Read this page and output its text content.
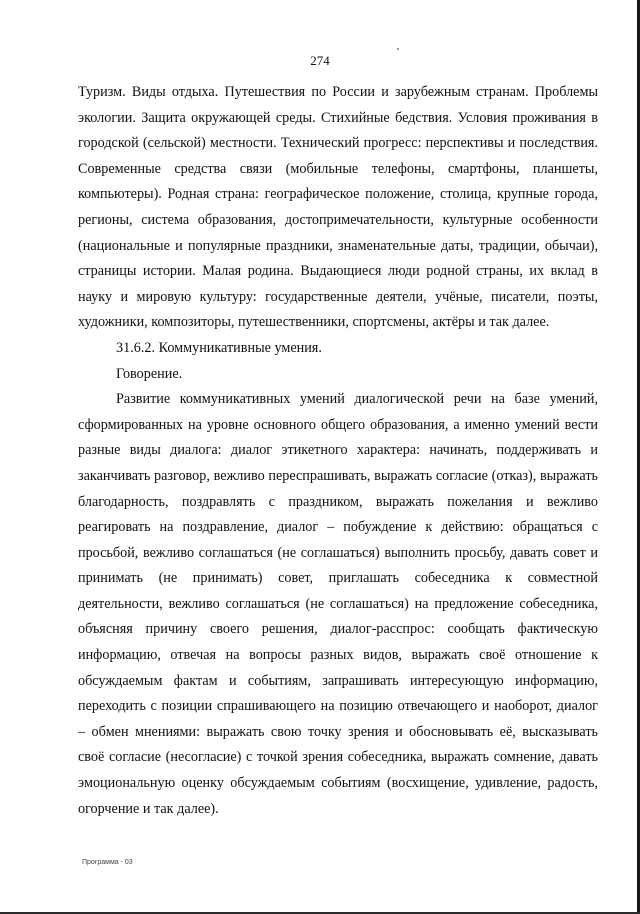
274

Туризм. Виды отдыха. Путешествия по России и зарубежным странам. Проблемы экологии. Защита окружающей среды. Стихийные бедствия. Условия проживания в городской (сельской) местности. Технический прогресс: перспективы и последствия. Современные средства связи (мобильные телефоны, смартфоны, планшеты, компьютеры). Родная страна: географическое положение, столица, крупные города, регионы, система образования, достопримечательности, культурные особенности (национальные и популярные праздники, знаменательные даты, традиции, обычаи), страницы истории. Малая родина. Выдающиеся люди родной страны, их вклад в науку и мировую культуру: государственные деятели, учёные, писатели, поэты, художники, композиторы, путешественники, спортсмены, актёры и так далее.

31.6.2. Коммуникативные умения.

Говорение.

Развитие коммуникативных умений диалогической речи на базе умений, сформированных на уровне основного общего образования, а именно умений вести разные виды диалога: диалог этикетного характера: начинать, поддерживать и заканчивать разговор, вежливо переспрашивать, выражать согласие (отказ), выражать благодарность, поздравлять с праздником, выражать пожелания и вежливо реагировать на поздравление, диалог – побуждение к действию: обращаться с просьбой, вежливо соглашаться (не соглашаться) выполнить просьбу, давать совет и принимать (не принимать) совет, приглашать собеседника к совместной деятельности, вежливо соглашаться (не соглашаться) на предложение собеседника, объясняя причину своего решения, диалог-расспрос: сообщать фактическую информацию, отвечая на вопросы разных видов, выражать своё отношение к обсуждаемым фактам и событиям, запрашивать интересующую информацию, переходить с позиции спрашивающего на позицию отвечающего и наоборот, диалог – обмен мнениями: выражать свою точку зрения и обосновывать её, высказывать своё согласие (несогласие) с точкой зрения собеседника, выражать сомнение, давать эмоциональную оценку обсуждаемым событиям (восхищение, удивление, радость, огорчение и так далее).

Программа - 03
